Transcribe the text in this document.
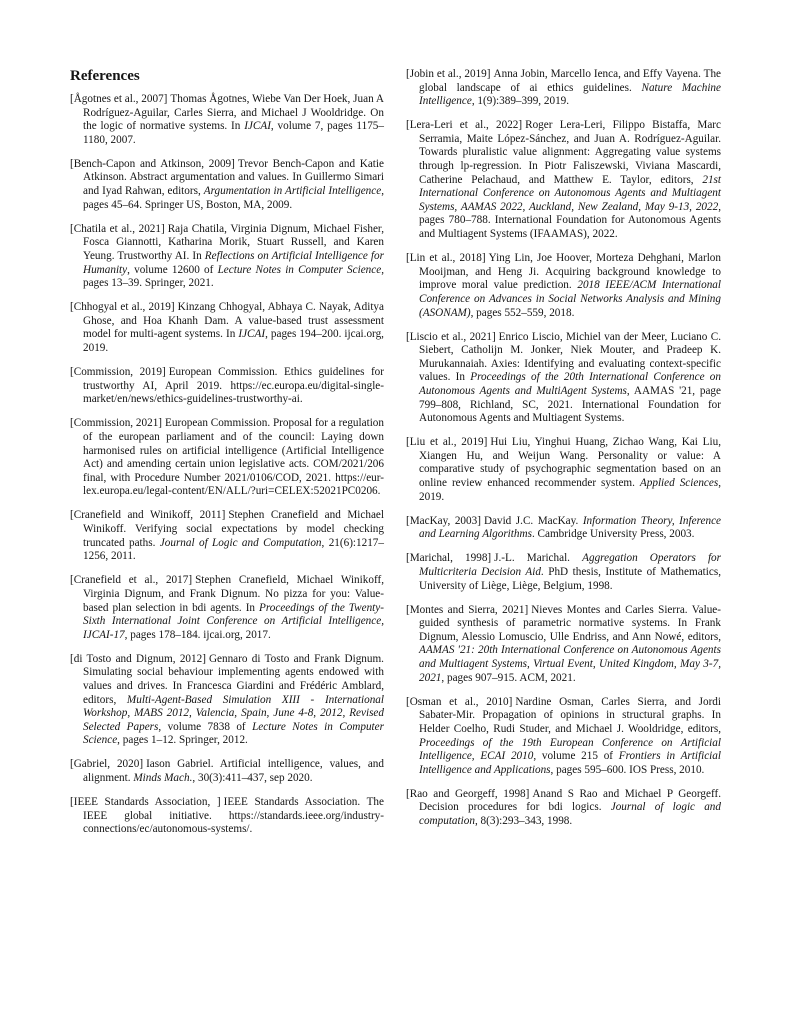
References

[Ågotnes et al., 2007] Thomas Ågotnes, Wiebe Van Der Hoek, Juan A Rodríguez-Aguilar, Carles Sierra, and Michael J Wooldridge. On the logic of normative systems. In IJCAI, volume 7, pages 1175–1180, 2007.

[Bench-Capon and Atkinson, 2009] Trevor Bench-Capon and Katie Atkinson. Abstract argumentation and values. In Guillermo Simari and Iyad Rahwan, editors, Argumentation in Artificial Intelligence, pages 45–64. Springer US, Boston, MA, 2009.

[Chatila et al., 2021] Raja Chatila, Virginia Dignum, Michael Fisher, Fosca Giannotti, Katharina Morik, Stuart Russell, and Karen Yeung. Trustworthy AI. In Reflections on Artificial Intelligence for Humanity, volume 12600 of Lecture Notes in Computer Science, pages 13–39. Springer, 2021.

[Chhogyal et al., 2019] Kinzang Chhogyal, Abhaya C. Nayak, Aditya Ghose, and Hoa Khanh Dam. A value-based trust assessment model for multi-agent systems. In IJCAI, pages 194–200. ijcai.org, 2019.

[Commission, 2019] European Commission. Ethics guidelines for trustworthy AI, April 2019. https://ec.europa.eu/digital-single-market/en/news/ethics-guidelines-trustworthy-ai.

[Commission, 2021] European Commission. Proposal for a regulation of the european parliament and of the council: Laying down harmonised rules on artificial intelligence (Artificial Intelligence Act) and amending certain union legislative acts. COM/2021/206 final, with Procedure Number 2021/0106/COD, 2021. https://eur-lex.europa.eu/legal-content/EN/ALL/?uri=CELEX:52021PC0206.

[Cranefield and Winikoff, 2011] Stephen Cranefield and Michael Winikoff. Verifying social expectations by model checking truncated paths. Journal of Logic and Computation, 21(6):1217–1256, 2011.

[Cranefield et al., 2017] Stephen Cranefield, Michael Winikoff, Virginia Dignum, and Frank Dignum. No pizza for you: Value-based plan selection in bdi agents. In Proceedings of the Twenty-Sixth International Joint Conference on Artificial Intelligence, IJCAI-17, pages 178–184. ijcai.org, 2017.

[di Tosto and Dignum, 2012] Gennaro di Tosto and Frank Dignum. Simulating social behaviour implementing agents endowed with values and drives. In Francesca Giardini and Frédéric Amblard, editors, Multi-Agent-Based Simulation XIII - International Workshop, MABS 2012, Valencia, Spain, June 4-8, 2012, Revised Selected Papers, volume 7838 of Lecture Notes in Computer Science, pages 1–12. Springer, 2012.

[Gabriel, 2020] Iason Gabriel. Artificial intelligence, values, and alignment. Minds Mach., 30(3):411–437, sep 2020.

[IEEE Standards Association, ] IEEE Standards Association. The IEEE global initiative. https://standards.ieee.org/industry-connections/ec/autonomous-systems/.

[Jobin et al., 2019] Anna Jobin, Marcello Ienca, and Effy Vayena. The global landscape of ai ethics guidelines. Nature Machine Intelligence, 1(9):389–399, 2019.

[Lera-Leri et al., 2022] Roger Lera-Leri, Filippo Bistaffa, Marc Serramia, Maite López-Sánchez, and Juan A. Rodríguez-Aguilar. Towards pluralistic value alignment: Aggregating value systems through lp-regression. In Piotr Faliszewski, Viviana Mascardi, Catherine Pelachaud, and Matthew E. Taylor, editors, 21st International Conference on Autonomous Agents and Multiagent Systems, AAMAS 2022, Auckland, New Zealand, May 9-13, 2022, pages 780–788. International Foundation for Autonomous Agents and Multiagent Systems (IFAAMAS), 2022.

[Lin et al., 2018] Ying Lin, Joe Hoover, Morteza Dehghani, Marlon Mooijman, and Heng Ji. Acquiring background knowledge to improve moral value prediction. 2018 IEEE/ACM International Conference on Advances in Social Networks Analysis and Mining (ASONAM), pages 552–559, 2018.

[Liscio et al., 2021] Enrico Liscio, Michiel van der Meer, Luciano C. Siebert, Catholijn M. Jonker, Niek Mouter, and Pradeep K. Murukannaiah. Axies: Identifying and evaluating context-specific values. In Proceedings of the 20th International Conference on Autonomous Agents and MultiAgent Systems, AAMAS '21, page 799–808, Richland, SC, 2021. International Foundation for Autonomous Agents and Multiagent Systems.

[Liu et al., 2019] Hui Liu, Yinghui Huang, Zichao Wang, Kai Liu, Xiangen Hu, and Weijun Wang. Personality or value: A comparative study of psychographic segmentation based on an online review enhanced recommender system. Applied Sciences, 2019.

[MacKay, 2003] David J.C. MacKay. Information Theory, Inference and Learning Algorithms. Cambridge University Press, 2003.

[Marichal, 1998] J.-L. Marichal. Aggregation Operators for Multicriteria Decision Aid. PhD thesis, Institute of Mathematics, University of Liège, Liège, Belgium, 1998.

[Montes and Sierra, 2021] Nieves Montes and Carles Sierra. Value-guided synthesis of parametric normative systems. In Frank Dignum, Alessio Lomuscio, Ulle Endriss, and Ann Nowé, editors, AAMAS '21: 20th International Conference on Autonomous Agents and Multiagent Systems, Virtual Event, United Kingdom, May 3-7, 2021, pages 907–915. ACM, 2021.

[Osman et al., 2010] Nardine Osman, Carles Sierra, and Jordi Sabater-Mir. Propagation of opinions in structural graphs. In Helder Coelho, Rudi Studer, and Michael J. Wooldridge, editors, Proceedings of the 19th European Conference on Artificial Intelligence, ECAI 2010, volume 215 of Frontiers in Artificial Intelligence and Applications, pages 595–600. IOS Press, 2010.

[Rao and Georgeff, 1998] Anand S Rao and Michael P Georgeff. Decision procedures for bdi logics. Journal of logic and computation, 8(3):293–343, 1998.
